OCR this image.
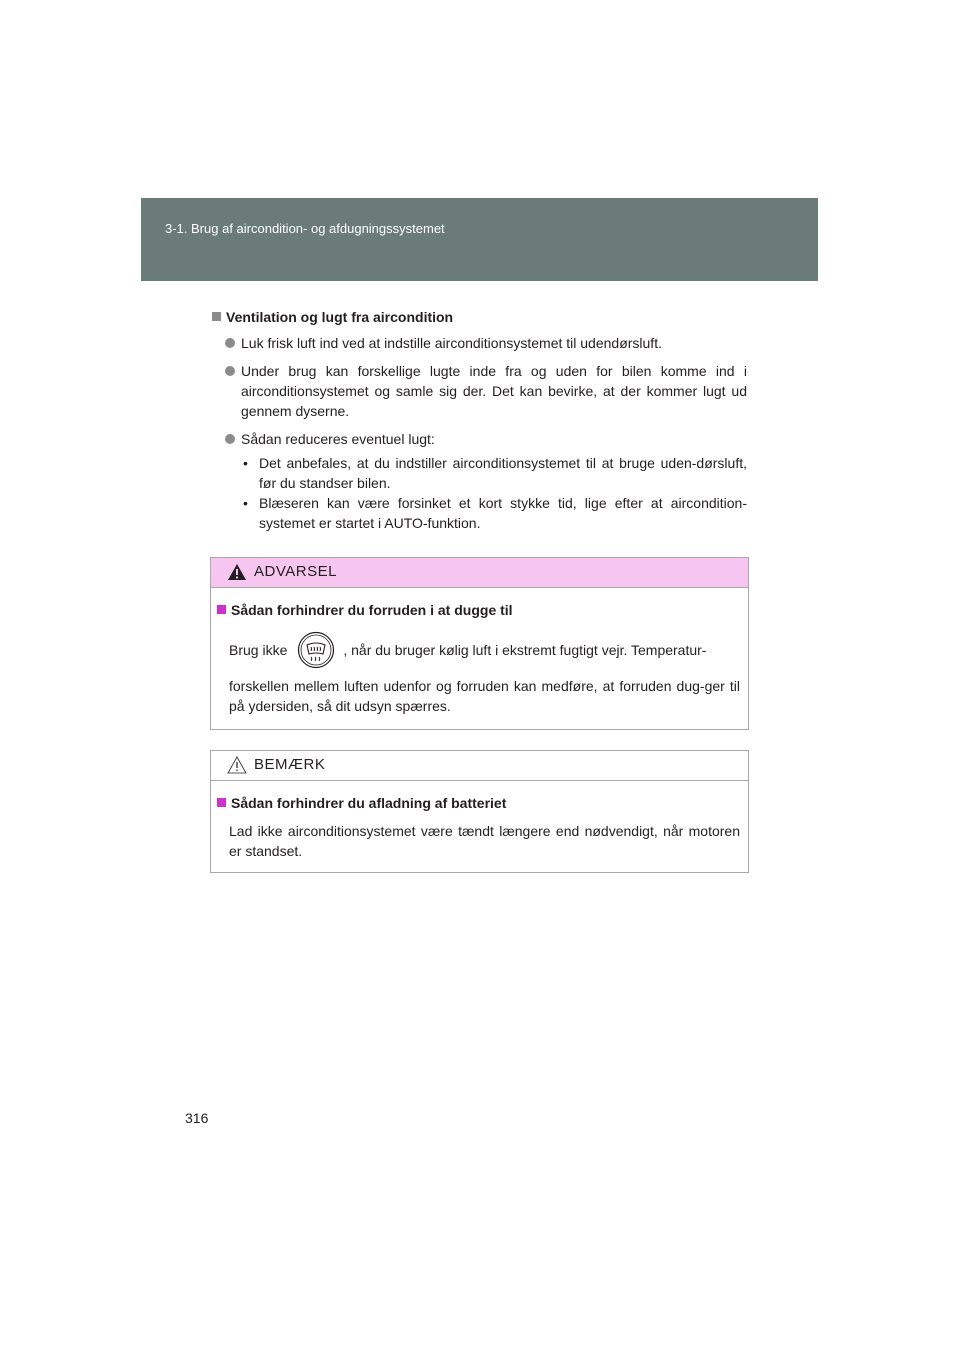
3-1. Brug af aircondition- og afdugningssystemet
Ventilation og lugt fra aircondition
Luk frisk luft ind ved at indstille airconditionsystemet til udendørsluft.
Under brug kan forskellige lugte inde fra og uden for bilen komme ind i airconditionsystemet og samle sig der. Det kan bevirke, at der kommer lugt ud gennem dyserne.
Sådan reduceres eventuel lugt:
• Det anbefales, at du indstiller airconditionsystemet til at bruge uden-dørsluft, før du standser bilen.
• Blæseren kan være forsinket et kort stykke tid, lige efter at aircondition-systemet er startet i AUTO-funktion.
ADVARSEL
Sådan forhindrer du forruden i at dugge til
Brug ikke	, når du bruger kølig luft i ekstremt fugtigt vejr. Temperatur-
forskellen mellem luften udenfor og forruden kan medføre, at forruden dug-ger til på ydersiden, så dit udsyn spærres.
BEMÆRK
Sådan forhindrer du afladning af batteriet
Lad ikke airconditionsystemet være tændt længere end nødvendigt, når motoren er standset.
316
